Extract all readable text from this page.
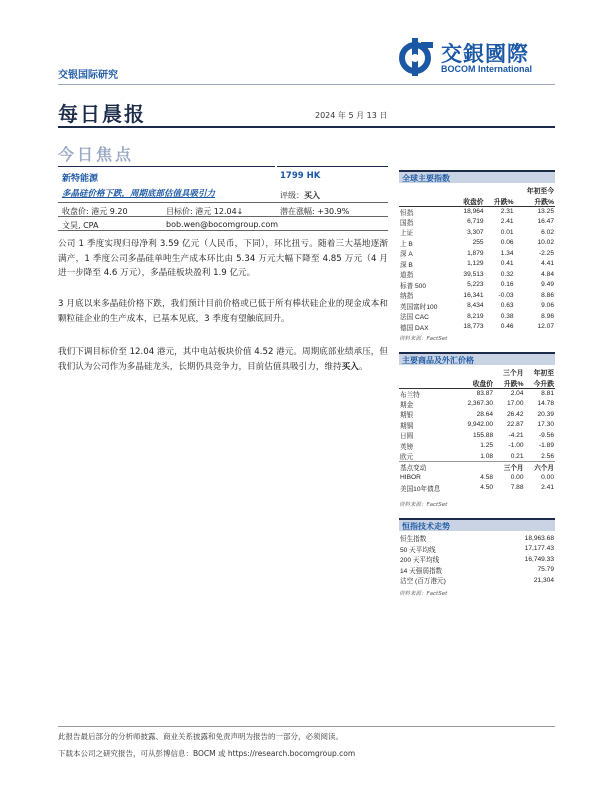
交银国际研究
交銀國際
BOCOM International
每日晨报	2024 年 5 月 13 日
今日焦点
新特能源
多晶硅价格下跌，周期底部估值具吸引力
1799 HK
评级：买入
收盘价: 港元 9.20	目标价: 港元 12.04↓	潜在涨幅: +30.9%
文昊, CPA	bob.wen@bocomgroup.com
公司 1 季度实现归母净利 3.59 亿元（人民币，下同），环比扭亏。随着三大基地逐渐满产，1 季度公司多晶硅单吨生产成本环比由 5.34 万元大幅下降至 4.85 万元（4 月进一步降至 4.6 万元），多晶硅板块盈利 1.9 亿元。
3 月底以来多晶硅价格下跌，我们预计目前价格或已低于所有棒状硅企业的现金成本和颗粒硅企业的生产成本，已基本见底，3 季度有望触底回升。
我们下调目标价至 12.04 港元，其中电站板块价值 4.52 港元。周期底部业绩承压，但我们认为公司作为多晶硅龙头，长期仍具竞争力，目前估值具吸引力，维持买入。
全球主要指数
			年初至今
	收盘价	升跌%	升跌%
恒指	18,964	2.31	13.25
国指	6,719	2.41	16.47
上证	3,307	0.01	6.02
上 B	255	0.06	10.02
深 A	1,879	1.34	-2.25
深 B	1,129	0.41	4.41
道指	39,513	0.32	4.84
标普 500	5,223	0.16	9.49
纳指	16,341	-0.03	8.86
英国富时100	8,434	0.63	9.06
法国 CAC	8,219	0.38	8.96
德国 DAX	18,773	0.46	12.07
资料来源：FactSet
主要商品及外汇价格
		三个月	年初至
	收盘价	升跌%	今升跌
布兰特	83.87	2.04	8.81
期金	2,367.30	17.00	14.78
期银	28.64	26.42	20.39
期铜	9,942.00	22.87	17.30
日圆	155.88	-4.21	-9.56
英镑	1.25	-1.00	-1.89
欧元	1.08	0.21	2.56
基点变动		三个月	六个月
HIBOR	4.58	0.00	0.00
美国10年债息	4.50	7.88	2.41
资料来源：FactSet
恒指技术走势
恒生指数	18,963.68
50 天平均线	17,177.43
200 天平均线	16,749.33
14 天强弱指数	75.79
沽空 (百万港元)	21,304
资料来源：FactSet
此报告最后部分的分析师披露、商业关系披露和免责声明为报告的一部分，必须阅读。
下载本公司之研究报告，可从彭博信息：BOCM 或 https://research.bocomgroup.com
